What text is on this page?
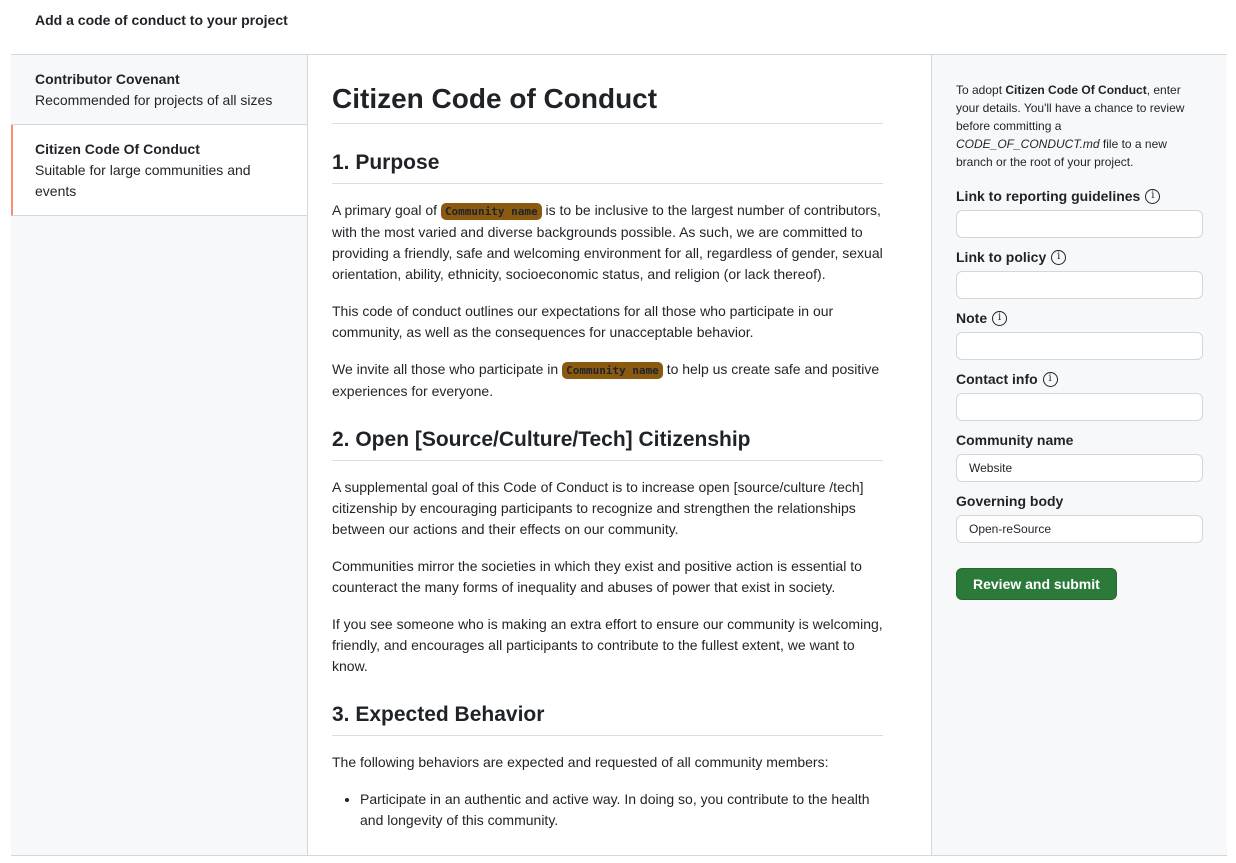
Add a code of conduct to your project
Contributor Covenant
Recommended for projects of all sizes
Citizen Code Of Conduct
Suitable for large communities and events
Citizen Code of Conduct
1. Purpose

A primary goal of Community name is to be inclusive to the largest number of contributors, with the most varied and diverse backgrounds possible. As such, we are committed to providing a friendly, safe and welcoming environment for all, regardless of gender, sexual orientation, ability, ethnicity, socioeconomic status, and religion (or lack thereof).

This code of conduct outlines our expectations for all those who participate in our community, as well as the consequences for unacceptable behavior.

We invite all those who participate in Community name to help us create safe and positive experiences for everyone.

2. Open [Source/Culture/Tech] Citizenship

A supplemental goal of this Code of Conduct is to increase open [source/culture /tech] citizenship by encouraging participants to recognize and strengthen the relationships between our actions and their effects on our community.

Communities mirror the societies in which they exist and positive action is essential to counteract the many forms of inequality and abuses of power that exist in society.

If you see someone who is making an extra effort to ensure our community is welcoming, friendly, and encourages all participants to contribute to the fullest extent, we want to know.

3. Expected Behavior

The following behaviors are expected and requested of all community members:

• Participate in an authentic and active way. In doing so, you contribute to the health and longevity of this community.

To adopt Citizen Code Of Conduct, enter your details. You'll have a chance to review before committing a CODE_OF_CONDUCT.md file to a new branch or the root of your project.

Link to reporting guidelines	i
Link to policy	i
Note	i
Contact info	i
Community name
Website
Governing body
Open-reSource Review and submit
